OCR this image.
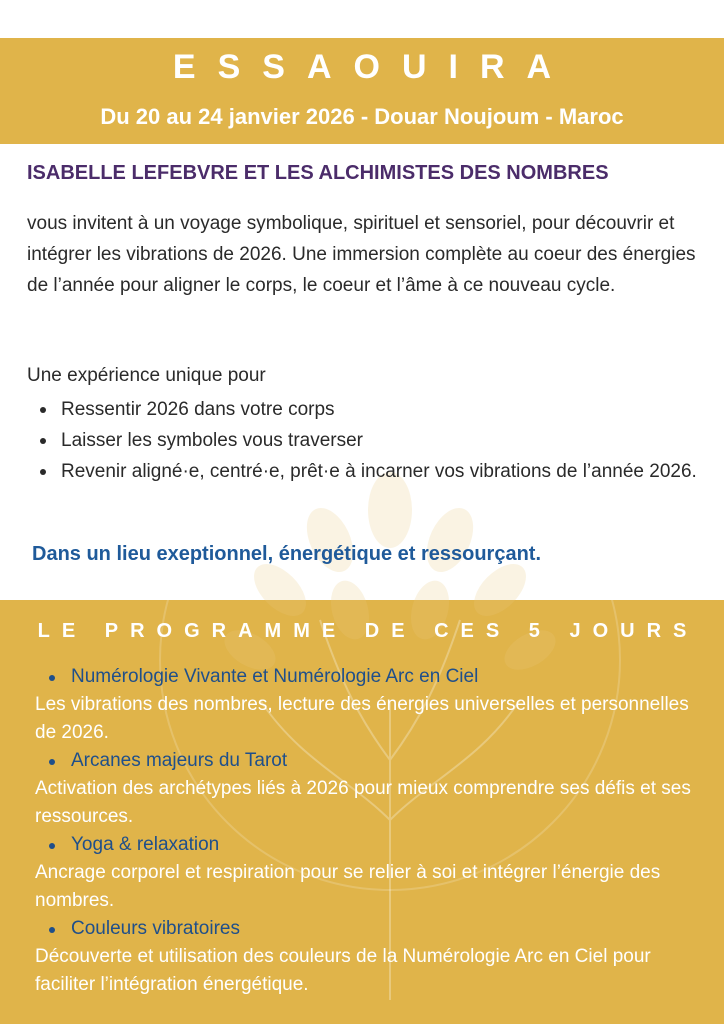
ESSAOUIRA
Du 20 au 24 janvier 2026 - Douar Noujoum - Maroc
ISABELLE LEFEBVRE ET LES ALCHIMISTES DES NOMBRES

vous invitent à un voyage symbolique, spirituel et sensoriel, pour découvrir et intégrer les vibrations de 2026. Une immersion complète au coeur des énergies de l’année pour aligner le corps, le coeur et l’âme à ce nouveau cycle.

Une expérience unique pour
Ressentir 2026 dans votre corps
Laisser les symboles vous traverser
Revenir aligné·e, centré·e, prêt·e à incarner vos vibrations de l’année 2026.
Dans un lieu exeptionnel, énergétique et ressourçant.
LE PROGRAMME DE CES 5 JOURS
Numérologie Vivante et Numérologie Arc en Ciel
Les vibrations des nombres, lecture des énergies universelles et personnelles de 2026.
Arcanes majeurs du Tarot
Activation des archétypes liés à 2026 pour mieux comprendre ses défis et ses ressources.
Yoga & relaxation
Ancrage corporel et respiration pour se relier à soi et intégrer l’énergie des nombres.
Couleurs vibratoires
Découverte et utilisation des couleurs de la Numérologie Arc en Ciel pour faciliter l’intégration énergétique.
